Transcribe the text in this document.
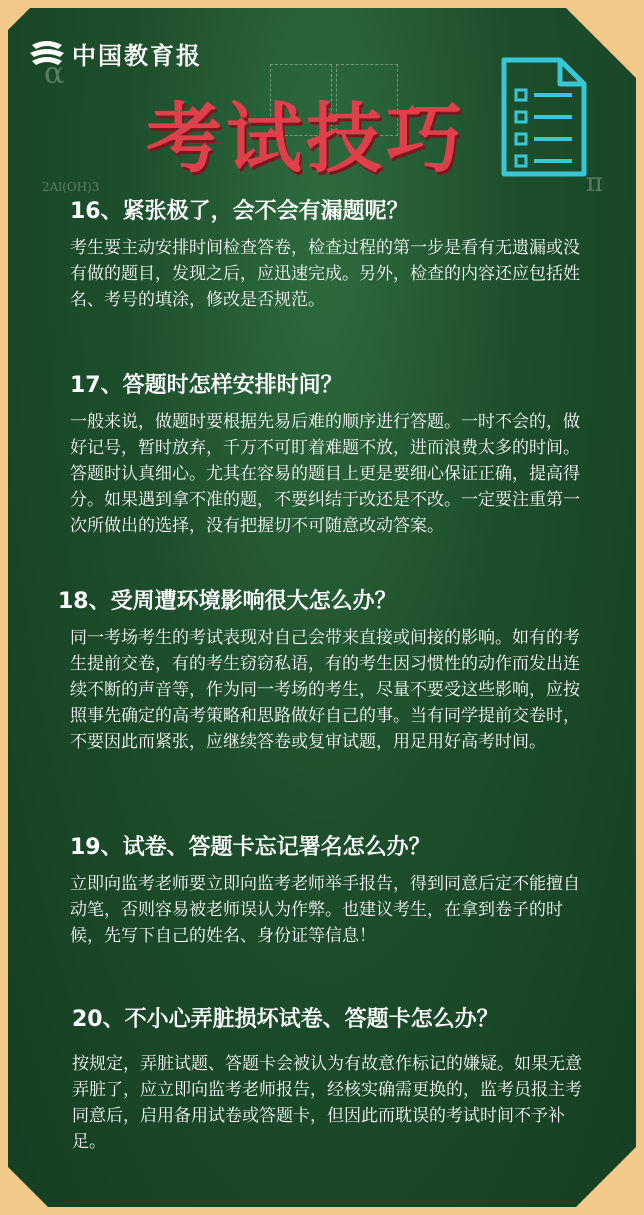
中国教育报
α
2Al(OH)3	π
考试技巧
16、紧张极了，会不会有漏题呢？

考生要主动安排时间检查答卷，检查过程的第一步是看有无遗漏或没有做的题目，发现之后，应迅速完成。另外，检查的内容还应包括姓名、考号的填涂，修改是否规范。

17、答题时怎样安排时间？

一般来说，做题时要根据先易后难的顺序进行答题。一时不会的，做好记号，暂时放弃，千万不可盯着难题不放，进而浪费太多的时间。答题时认真细心。尤其在容易的题目上更是要细心保证正确，提高得分。如果遇到拿不准的题，不要纠结于改还是不改。一定要注重第一次所做出的选择，没有把握切不可随意改动答案。

18、受周遭环境影响很大怎么办？

同一考场考生的考试表现对自己会带来直接或间接的影响。如有的考生提前交卷，有的考生窃窃私语，有的考生因习惯性的动作而发出连续不断的声音等，作为同一考场的考生，尽量不要受这些影响，应按照事先确定的高考策略和思路做好自己的事。当有同学提前交卷时，不要因此而紧张，应继续答卷或复审试题，用足用好高考时间。

19、试卷、答题卡忘记署名怎么办？

立即向监考老师要立即向监考老师举手报告，得到同意后定不能擅自动笔，否则容易被老师误认为作弊。也建议考生，在拿到卷子的时候，先写下自己的姓名、身份证等信息！

20、不小心弄脏损坏试卷、答题卡怎么办？

按规定，弄脏试题、答题卡会被认为有故意作标记的嫌疑。如果无意弄脏了，应立即向监考老师报告，经核实确需更换的，监考员报主考同意后，启用备用试卷或答题卡，但因此而耽误的考试时间不予补足。
